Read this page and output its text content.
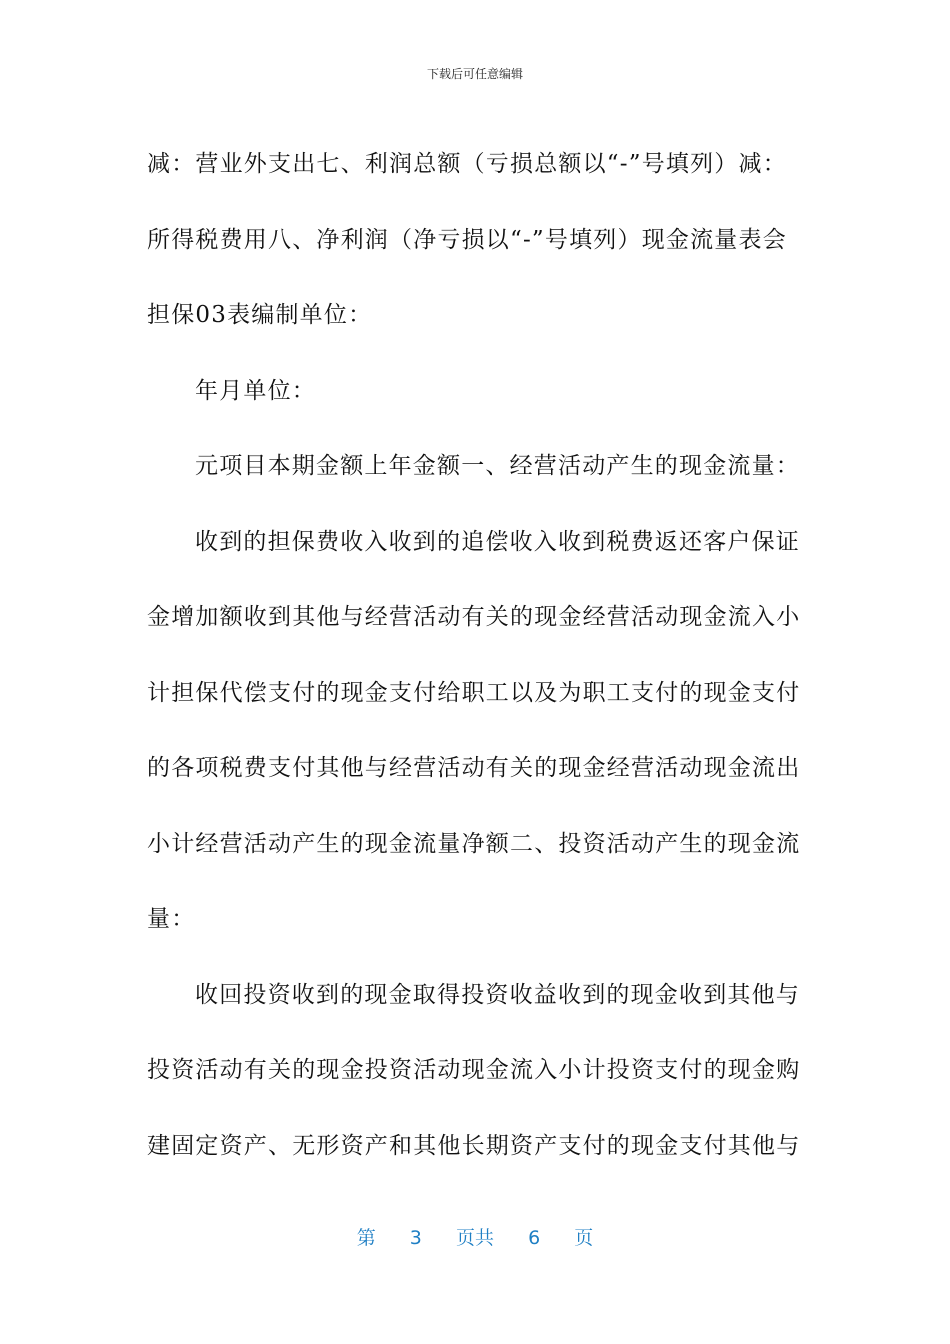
下载后可任意编辑
减：营业外支出七、利润总额（亏损总额以“-”号填列）减：
所得税费用八、净利润（净亏损以“-”号填列）现金流量表会
担保03表编制单位：
年月单位：
元项目本期金额上年金额一、经营活动产生的现金流量：
收到的担保费收入收到的追偿收入收到税费返还客户保证
金增加额收到其他与经营活动有关的现金经营活动现金流入小
计担保代偿支付的现金支付给职工以及为职工支付的现金支付
的各项税费支付其他与经营活动有关的现金经营活动现金流出
小计经营活动产生的现金流量净额二、投资活动产生的现金流
量：
收回投资收到的现金取得投资收益收到的现金收到其他与
投资活动有关的现金投资活动现金流入小计投资支付的现金购
建固定资产、无形资产和其他长期资产支付的现金支付其他与
第 3 页共 6 页
